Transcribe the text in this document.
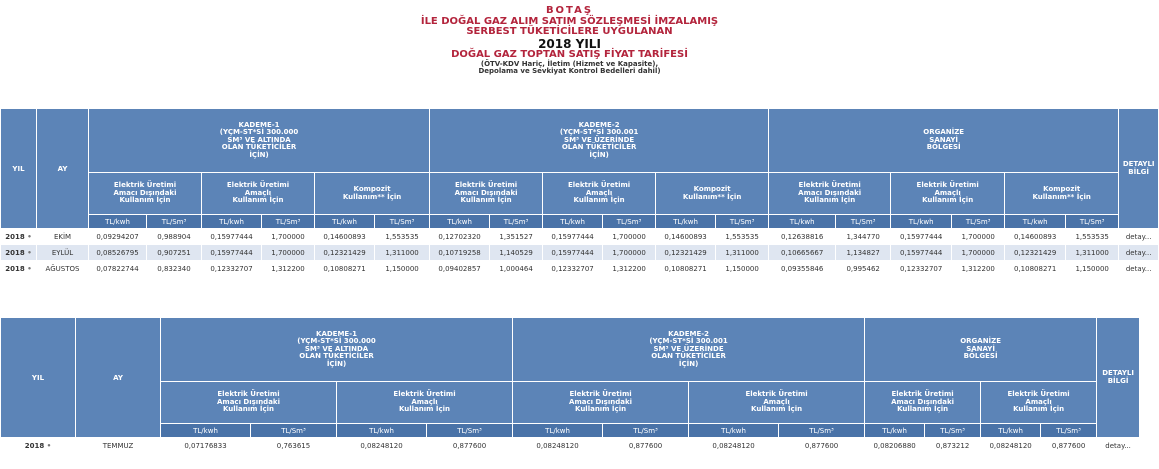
BOTAŞ
İLE DOĞAL GAZ ALIM SATIM SÖZLEŞMESİ İMZALAMIŞ
SERBEST TÜKETİCİLERE UYGULANAN
2018 YILI
DOĞAL GAZ TOPTAN SATIŞ FİYAT TARİFESİ
(ÖTV-KDV Hariç, İletim (Hizmet ve Kapasite),
Depolama ve Sevkiyat Kontrol Bedelleri dahil)
YIL	AY	KADEME-1
(YÇM-ST*Sİ 300.000
SM³ VE ALTINDA
OLAN TÜKETİCİLER
İÇİN)						KADEME-2
(YÇM-ST*Sİ 300.001
SM³ VE ÜZERİNDE
OLAN TÜKETİCİLER
İÇİN)						ORGANİZE
SANAYİ
BÖLGESİ						DETAYLI
BİLGİ

		Elektrik Üretimi
Amacı Dışındaki
Kullanım İçin		Elektrik Üretimi
Amaçlı
Kullanım İçin		Kompozit
Kullanım** İçin		Elektrik Üretimi
Amacı Dışındaki
Kullanım İçin		Elektrik Üretimi
Amaçlı
Kullanım İçin		Kompozit
Kullanım** İçin		Elektrik Üretimi
Amacı Dışındaki
Kullanım İçin		Elektrik Üretimi
Amaçlı
Kullanım İçin		Kompozit
Kullanım** İçin		

		TL/kwh	TL/Sm³	TL/kwh	TL/Sm³	TL/kwh	TL/Sm³	TL/kwh	TL/Sm³	TL/kwh	TL/Sm³	TL/kwh	TL/Sm³	TL/kwh	TL/Sm³	TL/kwh	TL/Sm³	TL/kwh	TL/Sm³	
2018 •	EKİM	0,09294207	0,988904	0,15977444	1,700000	0,14600893	1,553535	0,12702320	1,351527	0,15977444	1,700000	0,14600893	1,553535	0,12638816	1,344770	0,15977444	1,700000	0,14600893	1,553535	detay...
2018 •	EYLÜL	0,08526795	0,907251	0,15977444	1,700000	0,12321429	1,311000	0,10719258	1,140529	0,15977444	1,700000	0,12321429	1,311000	0,10665667	1,134827	0,15977444	1,700000	0,12321429	1,311000	detay...
2018 •	AĞUSTOS	0,07822744	0,832340	0,12332707	1,312200	0,10808271	1,150000	0,09402857	1,000464	0,12332707	1,312200	0,10808271	1,150000	0,09355846	0,995462	0,12332707	1,312200	0,10808271	1,150000	detay...
YIL	AY	KADEME-1
(YÇM-ST*Sİ 300.000
SM³ VE ALTINDA
OLAN TÜKETİCİLER
İÇİN)				KADEME-2
(YÇM-ST*Sİ 300.001
SM³ VE ÜZERİNDE
OLAN TÜKETİCİLER
İÇİN)				ORGANİZE
SANAYİ
BÖLGESİ				DETAYLI
BİLGİ

		Elektrik Üretimi
Amacı Dışındaki
Kullanım İçin		Elektrik Üretimi
Amaçlı
Kullanım İçin		Elektrik Üretimi
Amacı Dışındaki
Kullanım İçin		Elektrik Üretimi
Amaçlı
Kullanım İçin		Elektrik Üretimi
Amacı Dışındaki
Kullanım İçin		Elektrik Üretimi
Amaçlı
Kullanım İçin		

		TL/kwh	TL/Sm³	TL/kwh	TL/Sm³	TL/kwh	TL/Sm³	TL/kwh	TL/Sm³	TL/kwh	TL/Sm³	TL/kwh	TL/Sm³	
2018 •	TEMMUZ	0,07176833	0,763615	0,08248120	0,877600	0,08248120	0,877600	0,08248120	0,877600	0,08206880	0,873212	0,08248120	0,877600	detay...
